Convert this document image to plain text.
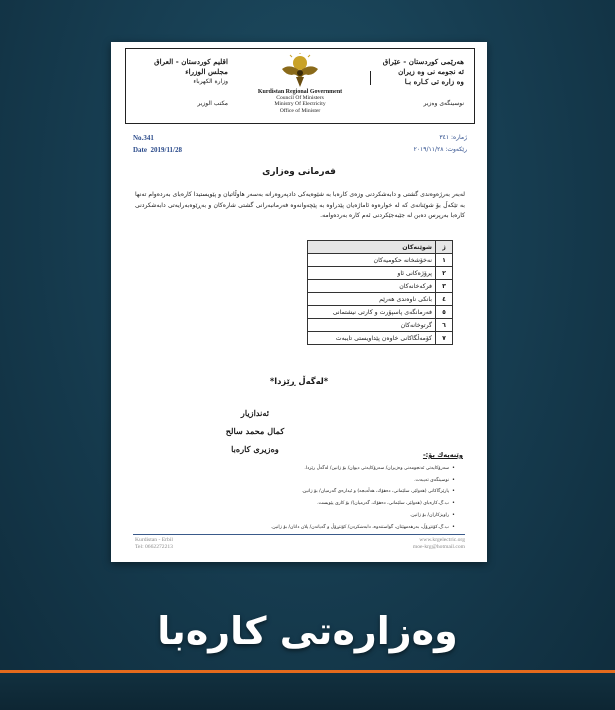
هەرێمی كوردستان - عێراق
ئه نجومه نی وه زیران
وه زاره تی كـاره بـا
نوسینگه‌ی وه‌زیر
Kurdistan Regional Government
Council Of Ministers
Ministry Of Electricity
Office of Minister
اقليم كوردستان - العراق
مجلس الوزراء
وزارة الكهرباء
مكتب الوزير
No.341
Date 2019/11/28
ژماره: ٣٤١
رێكه‌وت: ٢٠١٩/١١/٢٨
فه‌رمانی وه‌زاری
له‌به‌ر به‌رژه‌وه‌ندی گشتی و دابه‌شکردنی وزه‌ی کاره‌با به‌ شێوه‌یه‌کی دادپه‌روه‌رانه‌ به‌سه‌ر هاوڵاتیان و پێویستیدا کاره‌بای به‌رده‌وام ته‌نها به‌ تێکه‌ڵ بۆ شوێنانه‌ی که‌ له‌ خواره‌وه‌ ئاماژه‌یان پێدراوه‌ به‌ پێچه‌وانه‌وه‌ فه‌رمانبه‌رانی گشتی شاره‌کان و به‌ڕێوه‌به‌رایه‌تی دابه‌شکردنی کاره‌با به‌رپرس ده‌بن له‌ جێبه‌جێکردنی ئه‌م کاره‌ به‌رده‌وامه‌.
ژ	شوێنه‌کان
١	نه‌خۆشخانه‌ حكومیه‌کان
٢	پرۆژه‌کانی ئاو
٣	فرکه‌خانه‌کان
٤	بانکی ناوه‌ندی هه‌رێم
٥	فه‌رمانگه‌ی پاسپۆرت و کارتی نیشتمانی
٦	گرتوخانه‌کان
٧	کۆمه‌ڵگاکانی خاوه‌ن پێداویستی تایبه‌ت
*له‌گه‌ڵ ڕێزدا*
ئه‌ندازیار
كمال محمد سالح
وه‌زیری كاره‌با
وێنه‌یه‌ك بۆ:-
• سه‌رۆكایه‌تی ئه‌نجومه‌نی وه‌زیران/ سه‌رۆكایه‌تی دیوان/ بۆ زانین/ له‌گه‌ڵ رێزدا.
• نوسینگه‌ی ته‌یبه‌ت.
• پارێزگاكانی (هه‌ولێر، سلێمانی، ده‌هۆك، هه‌ڵه‌بجه) و ئیداره‌ی گه‌رمیان/ بۆ زانین.
• ب.گ.كاره‌بای (هه‌ولێر، سلێمانی، ده‌هۆك، گه‌رمیان)/ بۆ كاری پێویست.
• راویژكاران/ بۆ زانین.
• ب.گ.کۆنتڕۆڵ، به‌رهه‌مهێنان، گواستنه‌وه، دابه‌شکردن/ کۆنتڕۆڵ و گه‌یاندن/ پلان دانان/ بۆ زانین.
Kurdistan - Erbil
Tel: 0662272213
www.krgelectric.org
moe-krg@hotmail.com
وەزارەتی کارەبا
